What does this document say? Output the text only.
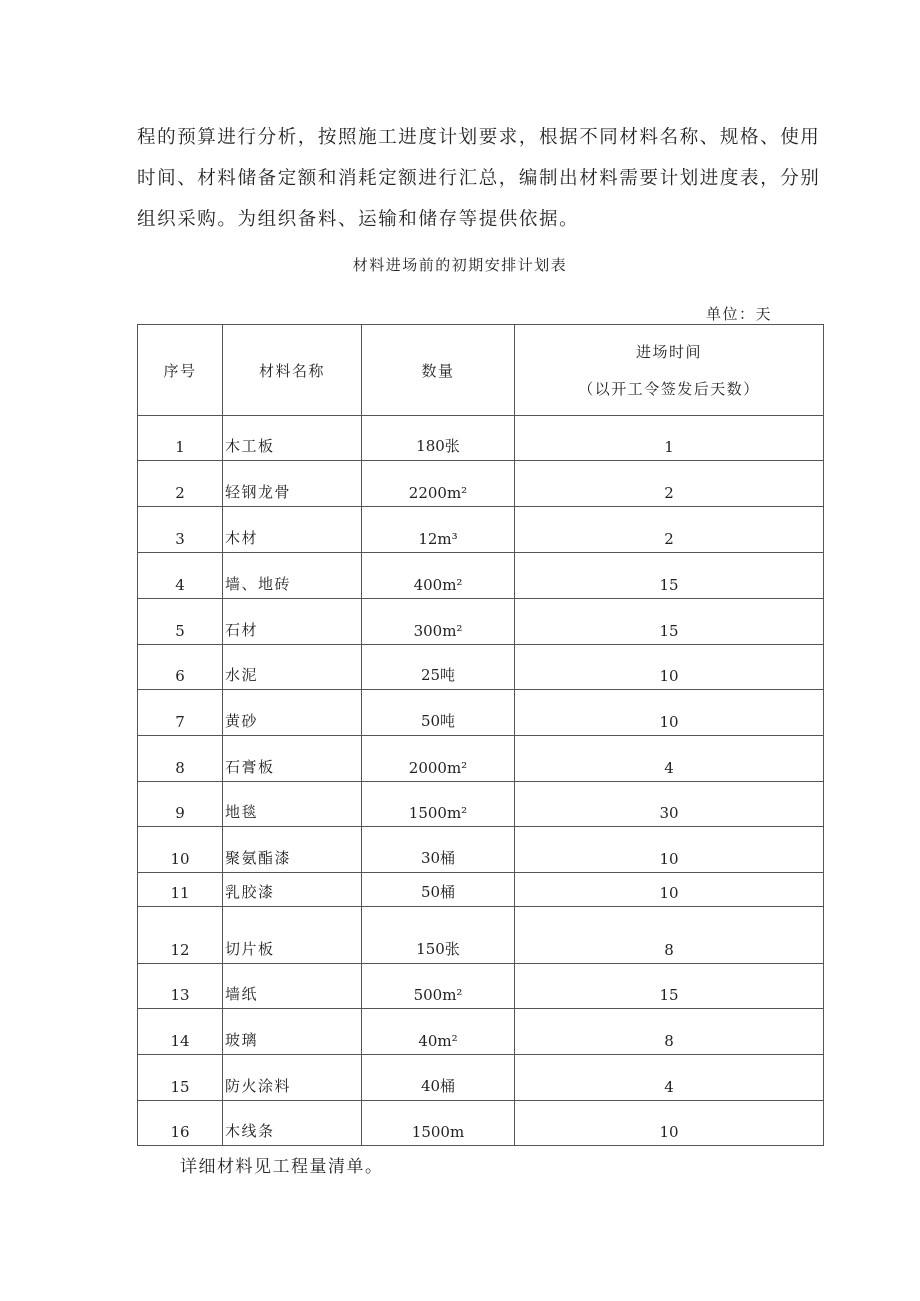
程的预算进行分析，按照施工进度计划要求，根据不同材料名称、规格、使用
时间、材料储备定额和消耗定额进行汇总，编制出材料需要计划进度表，分别
组织采购。为组织备料、运输和储存等提供依据。

材料进场前的初期安排计划表
单位：天
序号	材料名称	数量	进场时间
（以开工令签发后天数）

1	木工板	180张	1
2	轻钢龙骨	2200m²	2
3	木材	12m³	2
4	墙、地砖	400m²	15
5	石材	300m²	15
6	水泥	25吨	10
7	黄砂	50吨	10
8	石膏板	2000m²	4
9	地毯	1500m²	30
10	聚氨酯漆	30桶	10
11	乳胶漆	50桶	10
12	切片板	150张	8
13	墙纸	500m²	15
14	玻璃	40m²	8
15	防火涂料	40桶	4
16	木线条	1500m	10
详细材料见工程量清单。
